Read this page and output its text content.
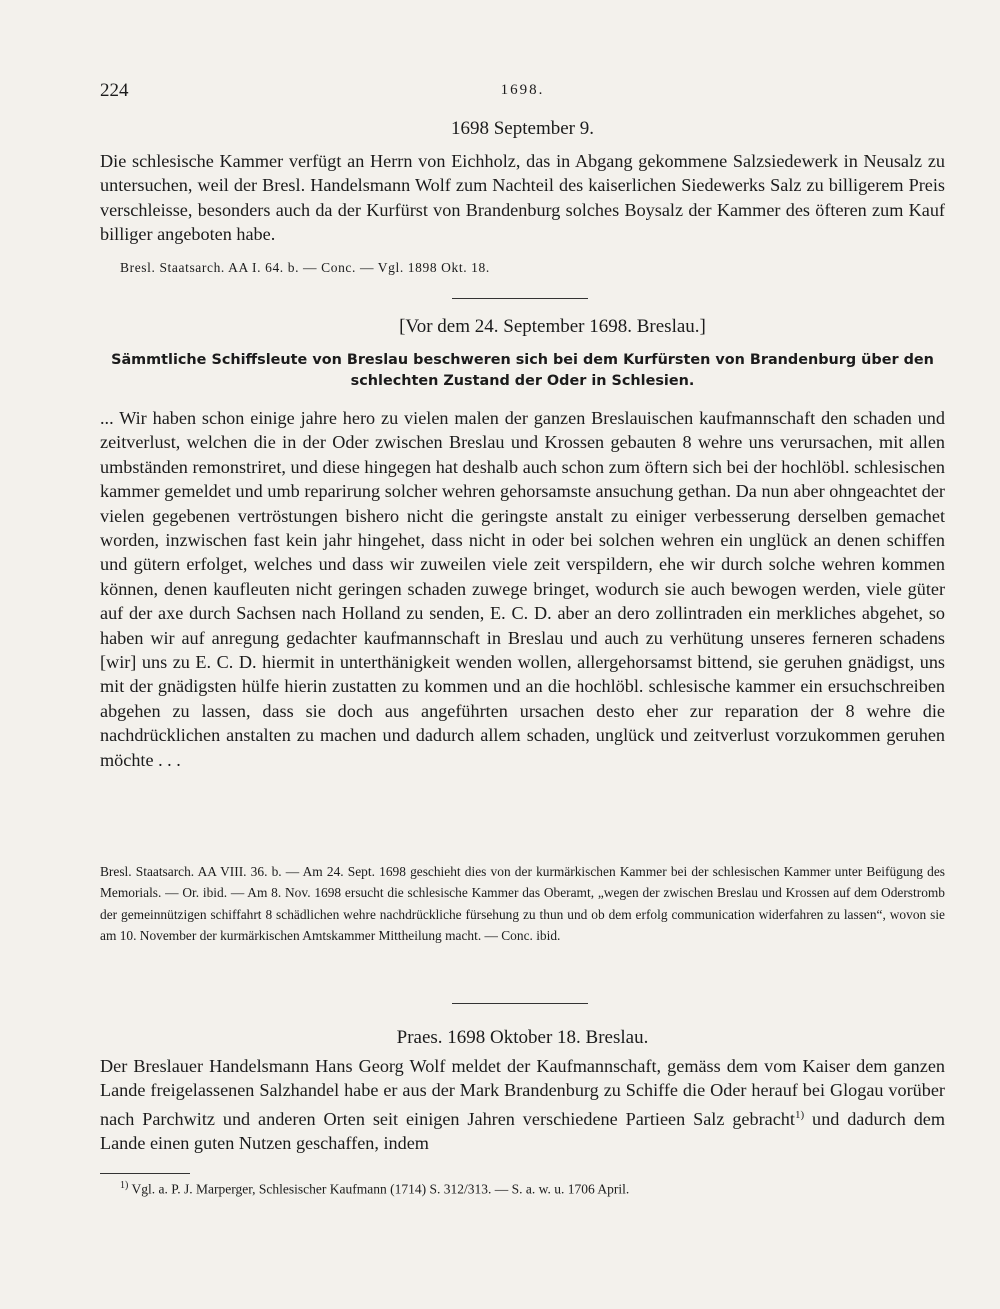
224	1698.
1698 September 9.
Die schlesische Kammer verfügt an Herrn von Eichholz, das in Abgang gekommene Salzsiedewerk in Neusalz zu untersuchen, weil der Bresl. Handelsmann Wolf zum Nachteil des kaiserlichen Siedewerks Salz zu billigerem Preis verschleisse, besonders auch da der Kurfürst von Brandenburg solches Boysalz der Kammer des öfteren zum Kauf billiger angeboten habe.
Bresl. Staatsarch. AA I. 64. b. — Conc. — Vgl. 1898 Okt. 18.
[Vor dem 24. September 1698. Breslau.]
Sämmtliche Schiffsleute von Breslau beschweren sich bei dem Kurfürsten von Brandenburg über den schlechten Zustand der Oder in Schlesien.
... Wir haben schon einige jahre hero zu vielen malen der ganzen Breslauischen kaufmannschaft den schaden und zeitverlust, welchen die in der Oder zwischen Breslau und Krossen gebauten 8 wehre uns verursachen, mit allen umbständen remonstriret, und diese hingegen hat deshalb auch schon zum öftern sich bei der hochlöbl. schlesischen kammer gemeldet und umb reparirung solcher wehren gehorsamste ansuchung gethan. Da nun aber ohngeachtet der vielen gegebenen vertröstungen bishero nicht die geringste anstalt zu einiger verbesserung derselben gemachet worden, inzwischen fast kein jahr hingehet, dass nicht in oder bei solchen wehren ein unglück an denen schiffen und gütern erfolget, welches und dass wir zuweilen viele zeit verspildern, ehe wir durch solche wehren kommen können, denen kaufleuten nicht geringen schaden zuwege bringet, wodurch sie auch bewogen werden, viele güter auf der axe durch Sachsen nach Holland zu senden, E. C. D. aber an dero zollintraden ein merkliches abgehet, so haben wir auf anregung gedachter kaufmannschaft in Breslau und auch zu verhütung unseres ferneren schadens [wir] uns zu E. C. D. hiermit in unterthänigkeit wenden wollen, allergehorsamst bittend, sie geruhen gnädigst, uns mit der gnädigsten hülfe hierin zustatten zu kommen und an die hochlöbl. schlesische kammer ein ersuchschreiben abgehen zu lassen, dass sie doch aus angeführten ursachen desto eher zur reparation der 8 wehre die nachdrücklichen anstalten zu machen und dadurch allem schaden, unglück und zeitverlust vorzukommen geruhen möchte . . .
Bresl. Staatsarch. AA VIII. 36. b. — Am 24. Sept. 1698 geschieht dies von der kurmärkischen Kammer bei der schlesischen Kammer unter Beifügung des Memorials. — Or. ibid. — Am 8. Nov. 1698 ersucht die schlesische Kammer das Oberamt, „wegen der zwischen Breslau und Krossen auf dem Oderstromb der gemeinnützigen schiffahrt 8 schädlichen wehre nachdrückliche fürsehung zu thun und ob dem erfolg communication widerfahren zu lassen“, wovon sie am 10. November der kurmärkischen Amtskammer Mittheilung macht. — Conc. ibid.
Praes. 1698 Oktober 18. Breslau.
Der Breslauer Handelsmann Hans Georg Wolf meldet der Kaufmannschaft, gemäss dem vom Kaiser dem ganzen Lande freigelassenen Salzhandel habe er aus der Mark Brandenburg zu Schiffe die Oder herauf bei Glogau vorüber nach Parchwitz und anderen Orten seit einigen Jahren verschiedene Partieen Salz gebracht$^{1)}$ und dadurch dem Lande einen guten Nutzen geschaffen, indem
$^{1)}$ Vgl. a. P. J. Marperger, Schlesischer Kaufmann (1714) S. 312/313. — S. a. w. u. 1706 April.
